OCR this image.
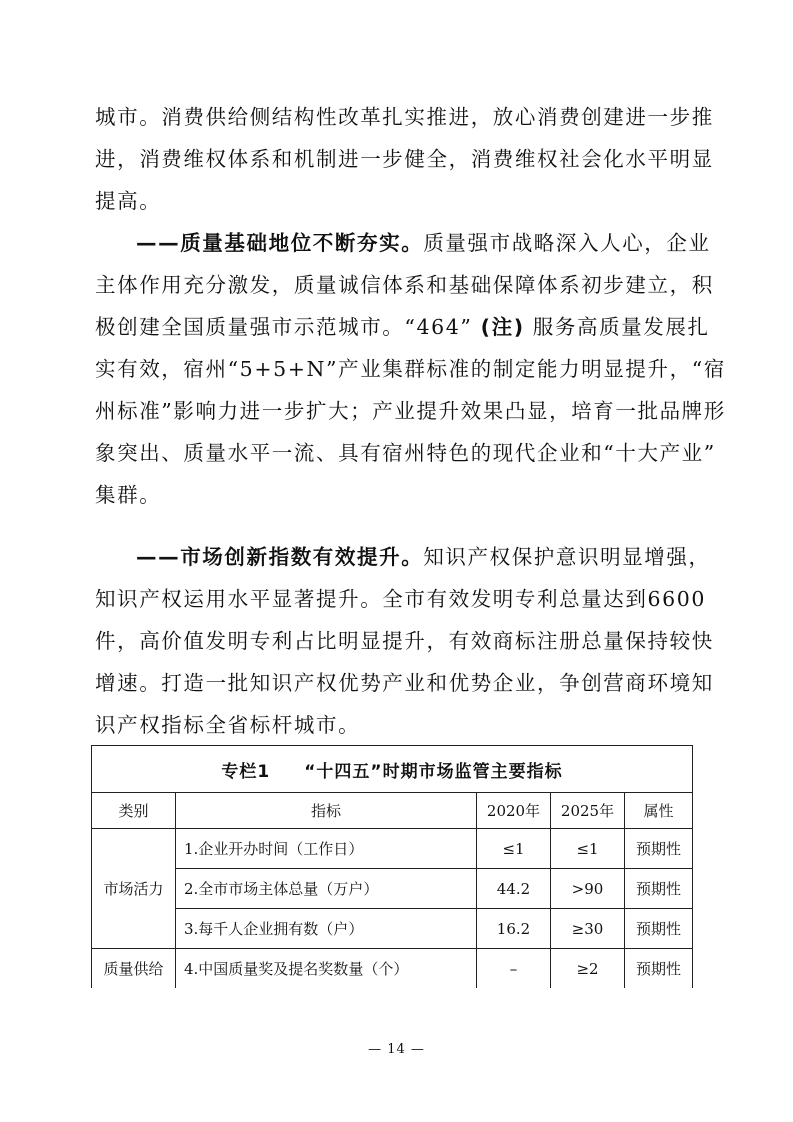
城市。消费供给侧结构性改革扎实推进，放心消费创建进一步推
进，消费维权体系和机制进一步健全，消费维权社会化水平明显
提高。
——质量基础地位不断夯实。质量强市战略深入人心，企业
主体作用充分激发，质量诚信体系和基础保障体系初步建立，积
极创建全国质量强市示范城市。“464” (注) 服务高质量发展扎
实有效，宿州“5+5+N”产业集群标准的制定能力明显提升，“宿
州标准”影响力进一步扩大；产业提升效果凸显，培育一批品牌形
象突出、质量水平一流、具有宿州特色的现代企业和“十大产业”
集群。
——市场创新指数有效提升。知识产权保护意识明显增强，
知识产权运用水平显著提升。全市有效发明专利总量达到6600
件，高价值发明专利占比明显提升，有效商标注册总量保持较快
增速。打造一批知识产权优势产业和优势企业，争创营商环境知
识产权指标全省标杆城市。
专栏1 “十四五”时期市场监管主要指标				
类别	指标	2020年	2025年	属性
市场活力	1.企业开办时间（工作日）	≤1	≤1	预期性
	2.全市市场主体总量（万户）	44.2	>90	预期性
	3.每千人企业拥有数（户）	16.2	≥30	预期性
质量供给	4.中国质量奖及提名奖数量（个）	–	≥2	预期性
— 14 —
